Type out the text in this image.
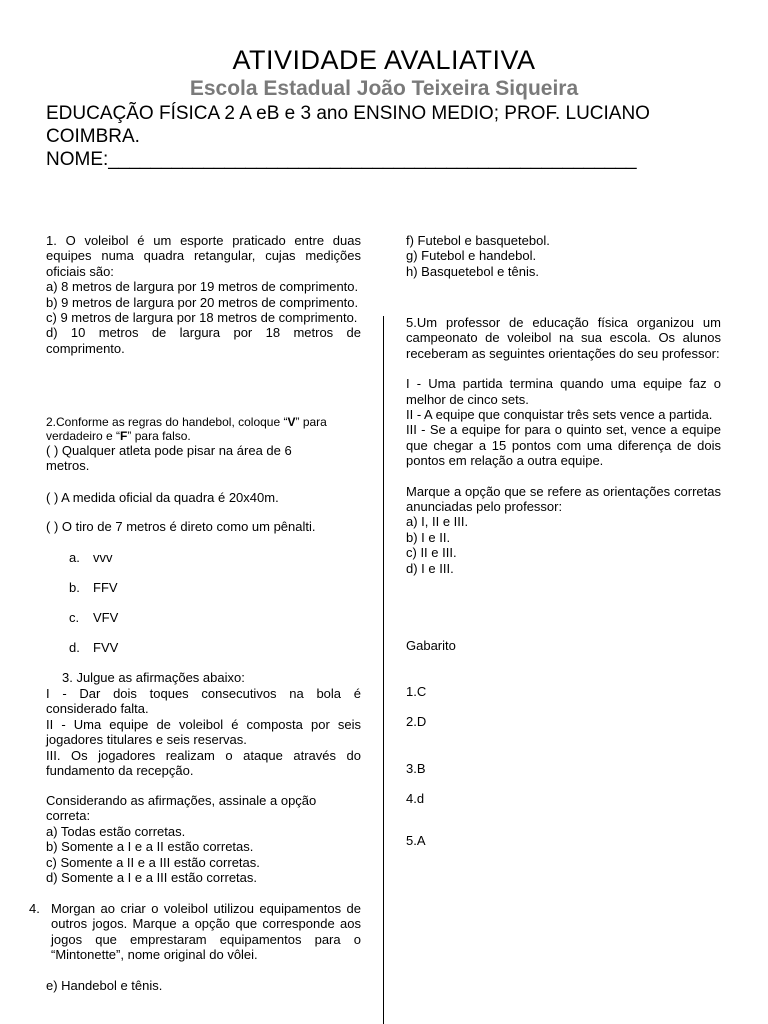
ATIVIDADE AVALIATIVA
Escola Estadual João Teixeira Siqueira
EDUCAÇÃO FÍSICA 2 A eB e 3 ano ENSINO MEDIO; PROF. LUCIANO
COIMBRA.
NOME:__________________________________________________

1. O voleibol é um esporte praticado entre duas equipes numa quadra retangular, cujas medições oficiais são:

a) 8 metros de largura por 19 metros de comprimento.

b) 9 metros de largura por 20 metros de comprimento.

c) 9 metros de largura por 18 metros de comprimento.

d) 10 metros de largura por 18 metros de comprimento.

2.Conforme as regras do handebol, coloque “V” para verdadeiro e “F” para falso.
( ) Qualquer atleta pode pisar na área de 6 metros.
( ) A medida oficial da quadra é 20x40m.
( ) O tiro de 7 metros é direto como um pênalti.
a. vvv
b. FFV
c. VFV
d. FVV
3. Julgue as afirmações abaixo:

I - Dar dois toques consecutivos na bola é considerado falta.

II - Uma equipe de voleibol é composta por seis jogadores titulares e seis reservas.

III. Os jogadores realizam o ataque através do fundamento da recepção.

Considerando as afirmações, assinale a opção correta:

a) Todas estão corretas.

b) Somente a I e a II estão corretas.

c) Somente a II e a III estão corretas.

d) Somente a I e a III estão corretas.

4. Morgan ao criar o voleibol utilizou equipamentos de outros jogos. Marque a opção que corresponde aos jogos que emprestaram equipamentos para o “Mintonette”, nome original do vôlei.
e) Handebol e tênis.

f) Futebol e basquetebol.

g) Futebol e handebol.

h) Basquetebol e tênis.

5.Um professor de educação física organizou um campeonato de voleibol na sua escola. Os alunos receberam as seguintes orientações do seu professor:

I - Uma partida termina quando uma equipe faz o melhor de cinco sets.

II - A equipe que conquistar três sets vence a partida.

III - Se a equipe for para o quinto set, vence a equipe que chegar a 15 pontos com uma diferença de dois pontos em relação a outra equipe.

Marque a opção que se refere as orientações corretas anunciadas pelo professor:

a) I, II e III.

b) I e II.

c) II e III.

d) I e III.

Gabarito
1.C
2.D
3.B
4.d
5.A
